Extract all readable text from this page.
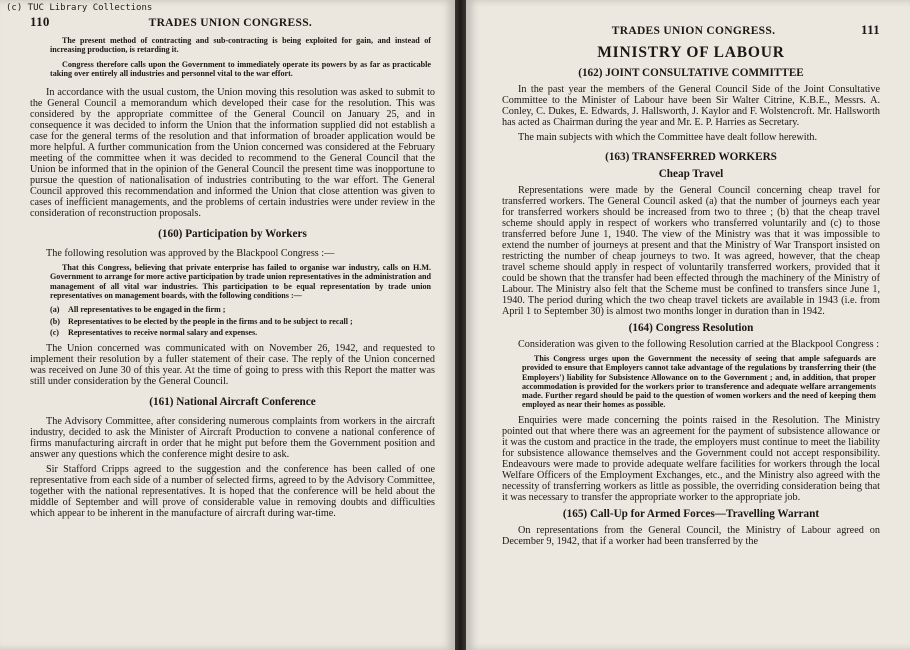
(c) TUC Library Collections
110	TRADES UNION CONGRESS.

The present method of contracting and sub-contracting is being exploited for gain, and instead of increasing production, is retarding it.

Congress therefore calls upon the Government to immediately operate its powers by as far as practicable taking over entirely all industries and personnel vital to the war effort.

In accordance with the usual custom, the Union moving this resolution was asked to submit to the General Council a memorandum which developed their case for the resolution. This was considered by the appropriate committee of the General Council on January 25, and in consequence it was decided to inform the Union that the information supplied did not establish a case for the general terms of the resolution and that information of broader application would be more helpful. A further communication from the Union concerned was considered at the February meeting of the committee when it was decided to recommend to the General Council that the Union be informed that in the opinion of the General Council the present time was inopportune to pursue the question of nationalisation of industries contributing to the war effort. The General Council approved this recommendation and informed the Union that close attention was given to cases of inefficient managements, and the problems of certain industries were under review in the consideration of reconstruction proposals.

(160) Participation by Workers

The following resolution was approved by the Blackpool Congress :—

That this Congress, believing that private enterprise has failed to organise war industry, calls on H.M. Government to arrange for more active participation by trade union representatives in the administration and management of all vital war industries. This participation to be equal representation by trade union representatives on management boards, with the following conditions :—

(a)	All representatives to be engaged in the firm ;
(b) Representatives to be elected by the people in the firms and to be subject to recall ;
(c)	Representatives to receive normal salary and expenses.

The Union concerned was communicated with on November 26, 1942, and requested to implement their resolution by a fuller statement of their case. The reply of the Union concerned was received on June 30 of this year. At the time of going to press with this Report the matter was still under consideration by the General Council.

(161) National Aircraft Conference

The Advisory Committee, after considering numerous complaints from workers in the aircraft industry, decided to ask the Minister of Aircraft Production to convene a national conference of firms manufacturing aircraft in order that he might put before them the Government position and answer any questions which the conference might desire to ask.

Sir Stafford Cripps agreed to the suggestion and the conference has been called of one representative from each side of a number of selected firms, agreed to by the Advisory Committee, together with the national representatives. It is hoped that the conference will be held about the middle of September and will prove of considerable value in removing doubts and difficulties which appear to be inherent in the manufacture of aircraft during war-time.

TRADES UNION CONGRESS.	111
MINISTRY OF LABOUR
(162) JOINT CONSULTATIVE COMMITTEE

In the past year the members of the General Council Side of the Joint Consultative Committee to the Minister of Labour have been Sir Walter Citrine, K.B.E., Messrs. A. Conley, C. Dukes, E. Edwards, J. Hallsworth, J. Kaylor and F. Wolstencroft. Mr. Hallsworth has acted as Chairman during the year and Mr. E. P. Harries as Secretary.

The main subjects with which the Committee have dealt follow herewith.

(163) TRANSFERRED WORKERS
Cheap Travel

Representations were made by the General Council concerning cheap travel for transferred workers. The General Council asked (a) that the number of journeys each year for transferred workers should be increased from two to three ; (b) that the cheap travel scheme should apply in respect of workers who transferred voluntarily and (c) to those transferred before June 1, 1940. The view of the Ministry was that it was impossible to extend the number of journeys at present and that the Ministry of War Transport insisted on restricting the number of cheap journeys to two. It was agreed, however, that the cheap travel scheme should apply in respect of voluntarily transferred workers, provided that it could be shown that the transfer had been effected through the machinery of the Ministry of Labour. The Ministry also felt that the Scheme must be confined to transfers since June 1, 1940. The period during which the two cheap travel tickets are available in 1943 (i.e. from April 1 to September 30) is almost two months longer in duration than in 1942.

(164) Congress Resolution

Consideration was given to the following Resolution carried at the Blackpool Congress :

This Congress urges upon the Government the necessity of seeing that ample safeguards are provided to ensure that Employers cannot take advantage of the regulations by transferring their (the Employers') liability for Subsistence Allowance on to the Government ; and, in addition, that proper accommodation is provided for the workers prior to transference and adequate welfare arrangements made. Further regard should be paid to the question of women workers and the need of keeping them employed as near their homes as possible.

Enquiries were made concerning the points raised in the Resolution. The Ministry pointed out that where there was an agreement for the payment of subsistence allowance or it was the custom and practice in the trade, the employers must continue to meet the liability for subsistence allowance themselves and the Government could not accept responsibility. Endeavours were made to provide adequate welfare facilities for workers through the local Welfare Officers of the Employment Exchanges, etc., and the Ministry also agreed with the necessity of transferring workers as little as possible, the overriding consideration being that it was necessary to transfer the appropriate worker to the appropriate job.

(165) Call-Up for Armed Forces—Travelling Warrant

On representations from the General Council, the Ministry of Labour agreed on December 9, 1942, that if a worker had been transferred by the
